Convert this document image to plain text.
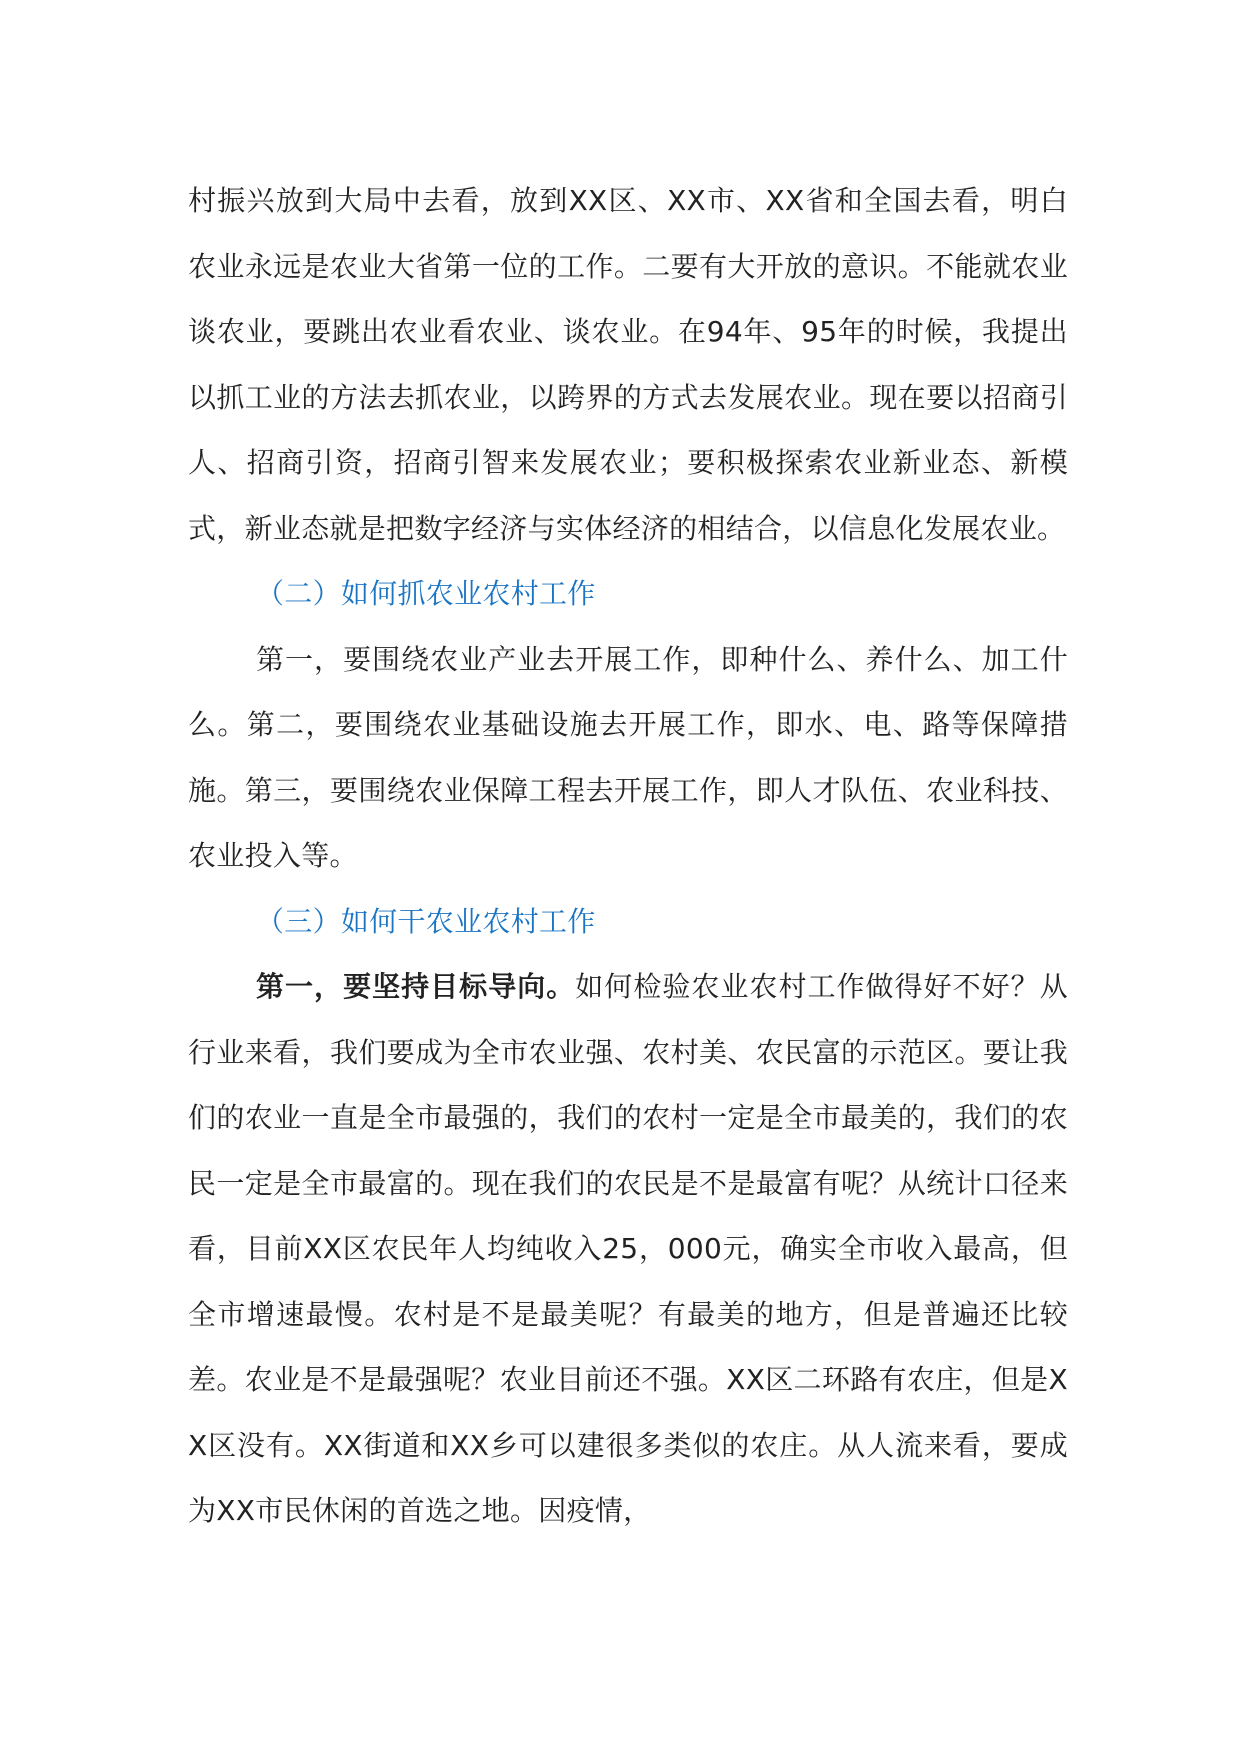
村振兴放到大局中去看，放到XX区、XX市、XX省和全国去看，明白农业永远是农业大省第一位的工作。二要有大开放的意识。不能就农业谈农业，要跳出农业看农业、谈农业。在94年、95年的时候，我提出以抓工业的方法去抓农业，以跨界的方式去发展农业。现在要以招商引人、招商引资，招商引智来发展农业；要积极探索农业新业态、新模式，新业态就是把数字经济与实体经济的相结合，以信息化发展农业。

（二）如何抓农业农村工作

第一，要围绕农业产业去开展工作，即种什么、养什么、加工什么。第二，要围绕农业基础设施去开展工作，即水、电、路等保障措施。第三，要围绕农业保障工程去开展工作，即人才队伍、农业科技、农业投入等。

（三）如何干农业农村工作

第一，要坚持目标导向。如何检验农业农村工作做得好不好？从行业来看，我们要成为全市农业强、农村美、农民富的示范区。要让我们的农业一直是全市最强的，我们的农村一定是全市最美的，我们的农民一定是全市最富的。现在我们的农民是不是最富有呢？从统计口径来看，目前XX区农民年人均纯收入25，000元，确实全市收入最高，但全市增速最慢。农村是不是最美呢？有最美的地方，但是普遍还比较差。农业是不是最强呢？农业目前还不强。XX区二环路有农庄，但是XX区没有。XX街道和XX乡可以建很多类似的农庄。从人流来看，要成为XX市民休闲的首选之地。因疫情，
